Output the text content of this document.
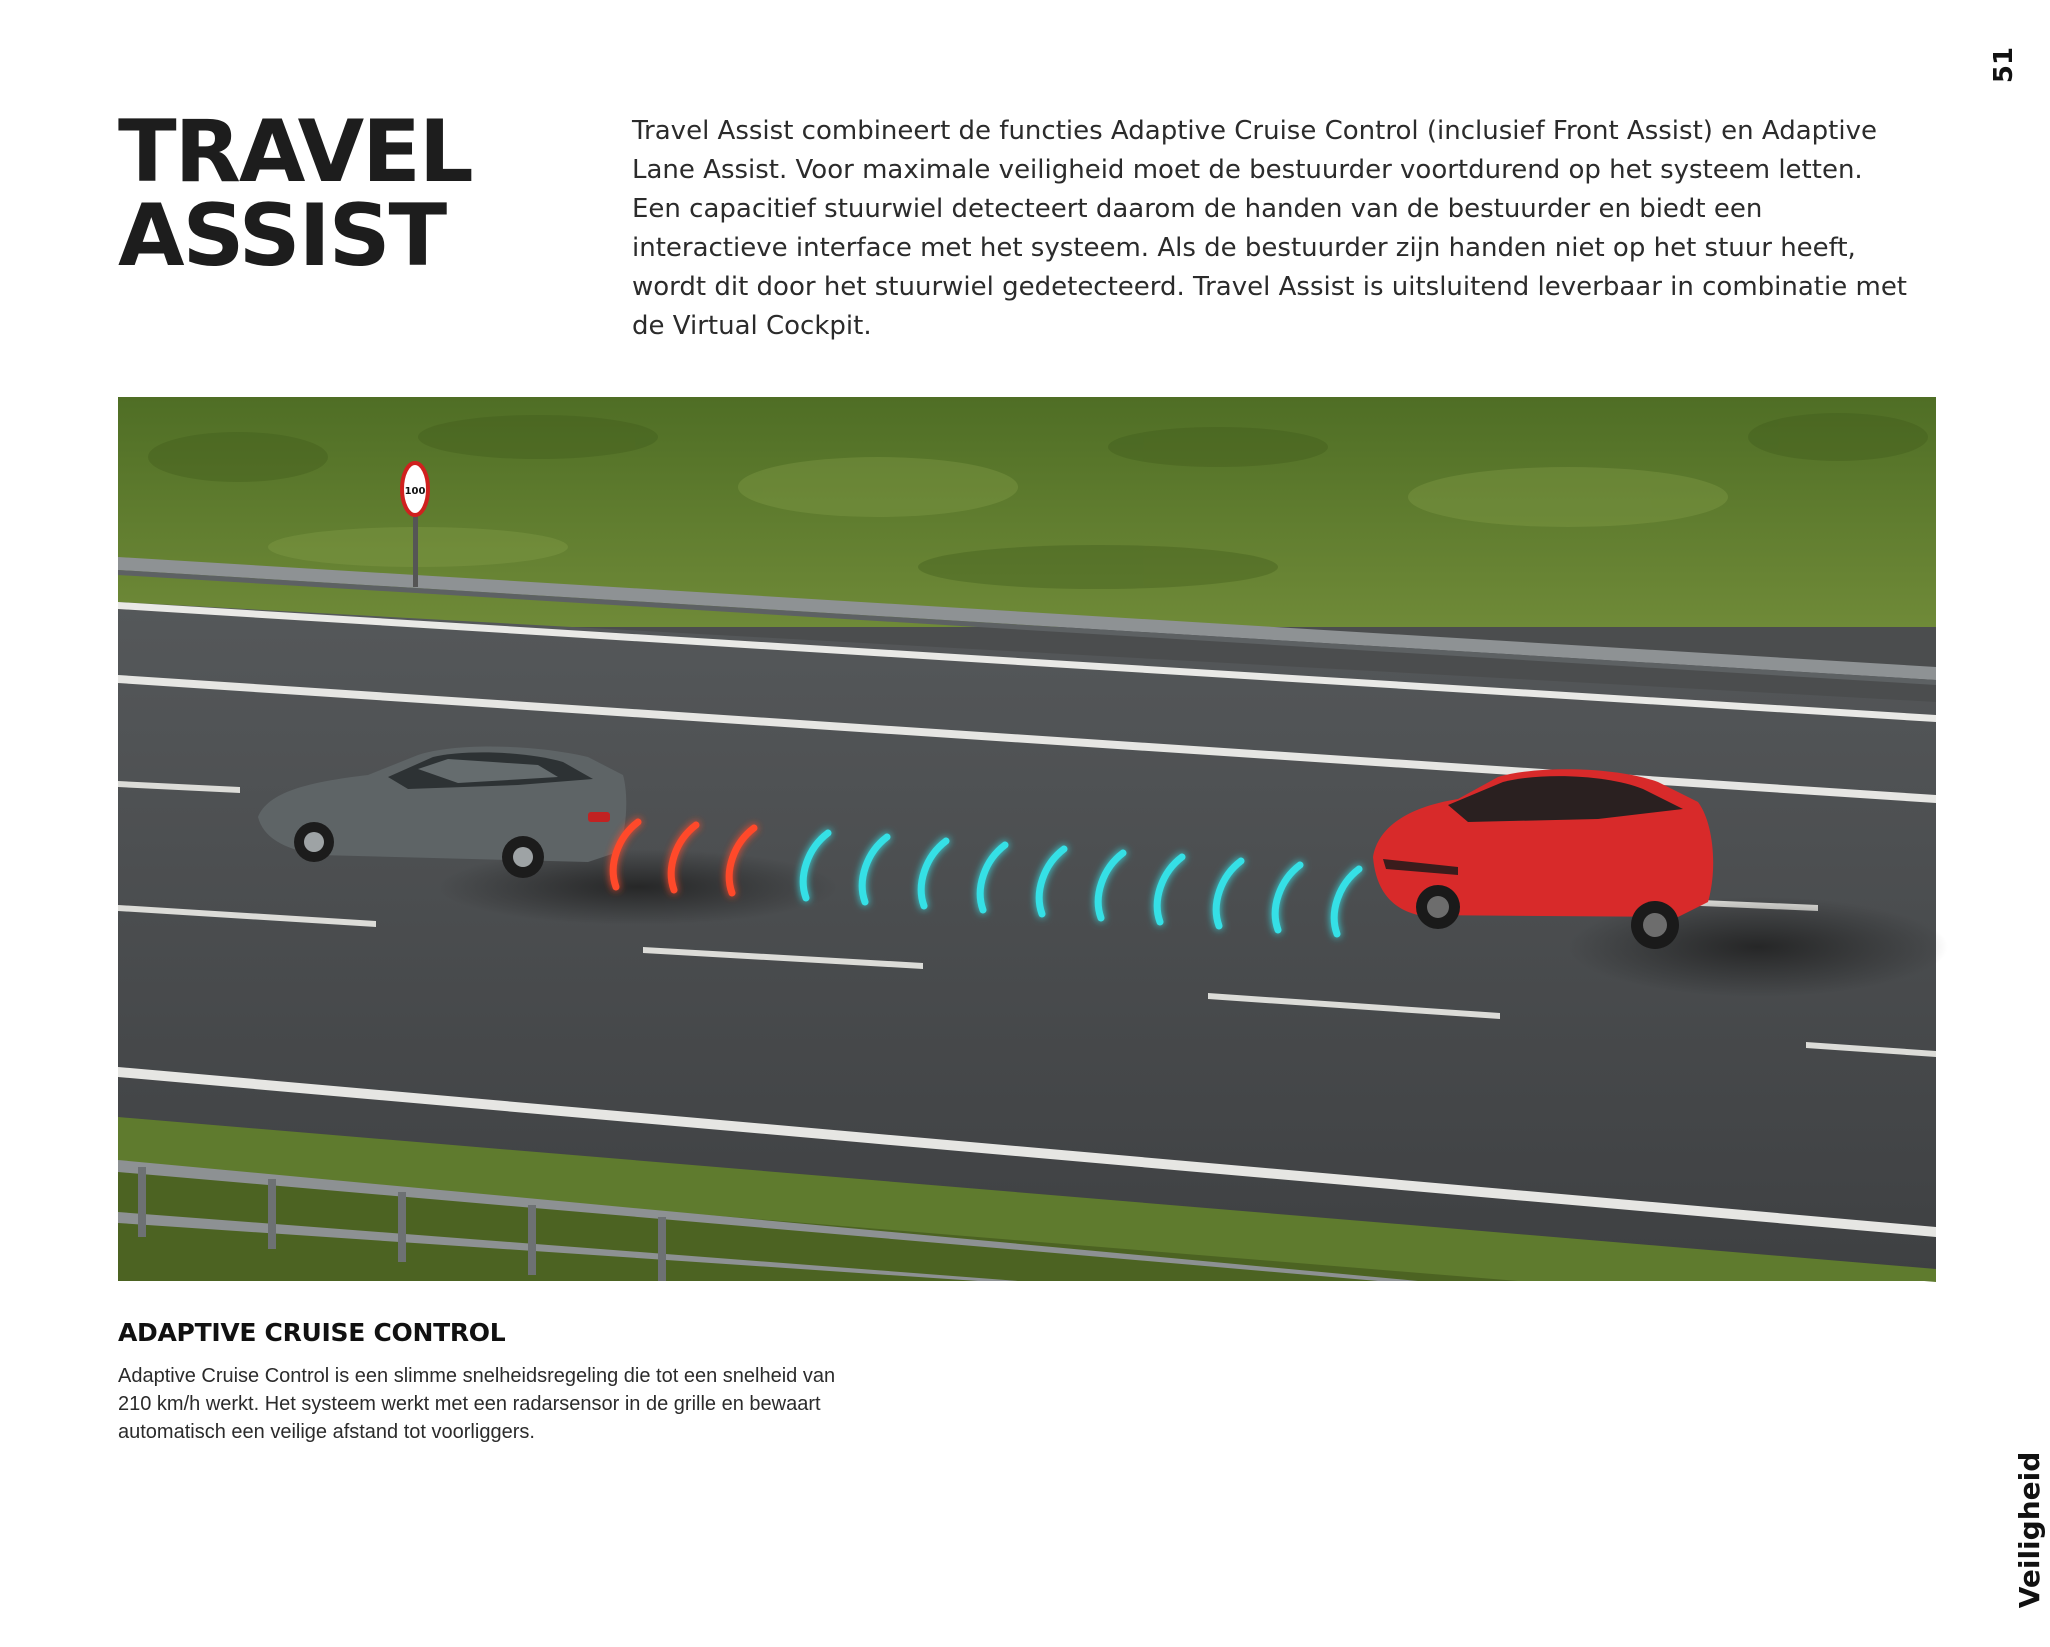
51
TRAVEL
ASSIST

Travel Assist combineert de functies Adaptive Cruise Control (inclusief Front Assist) en Adaptive Lane Assist. Voor maximale veiligheid moet de bestuurder voortdurend op het systeem letten. Een capacitief stuurwiel detecteert daarom de handen van de bestuurder en biedt een interactieve interface met het systeem. Als de bestuurder zijn handen niet op het stuur heeft, wordt dit door het stuurwiel gedetecteerd. Travel Assist is uitsluitend leverbaar in combinatie met de Virtual Cockpit.

100
ADAPTIVE CRUISE CONTROL

Adaptive Cruise Control is een slimme snelheidsregeling die tot een snelheid van 210 km/h werkt. Het systeem werkt met een radarsensor in de grille en bewaart automatisch een veilige afstand tot voorliggers.

Veiligheid
